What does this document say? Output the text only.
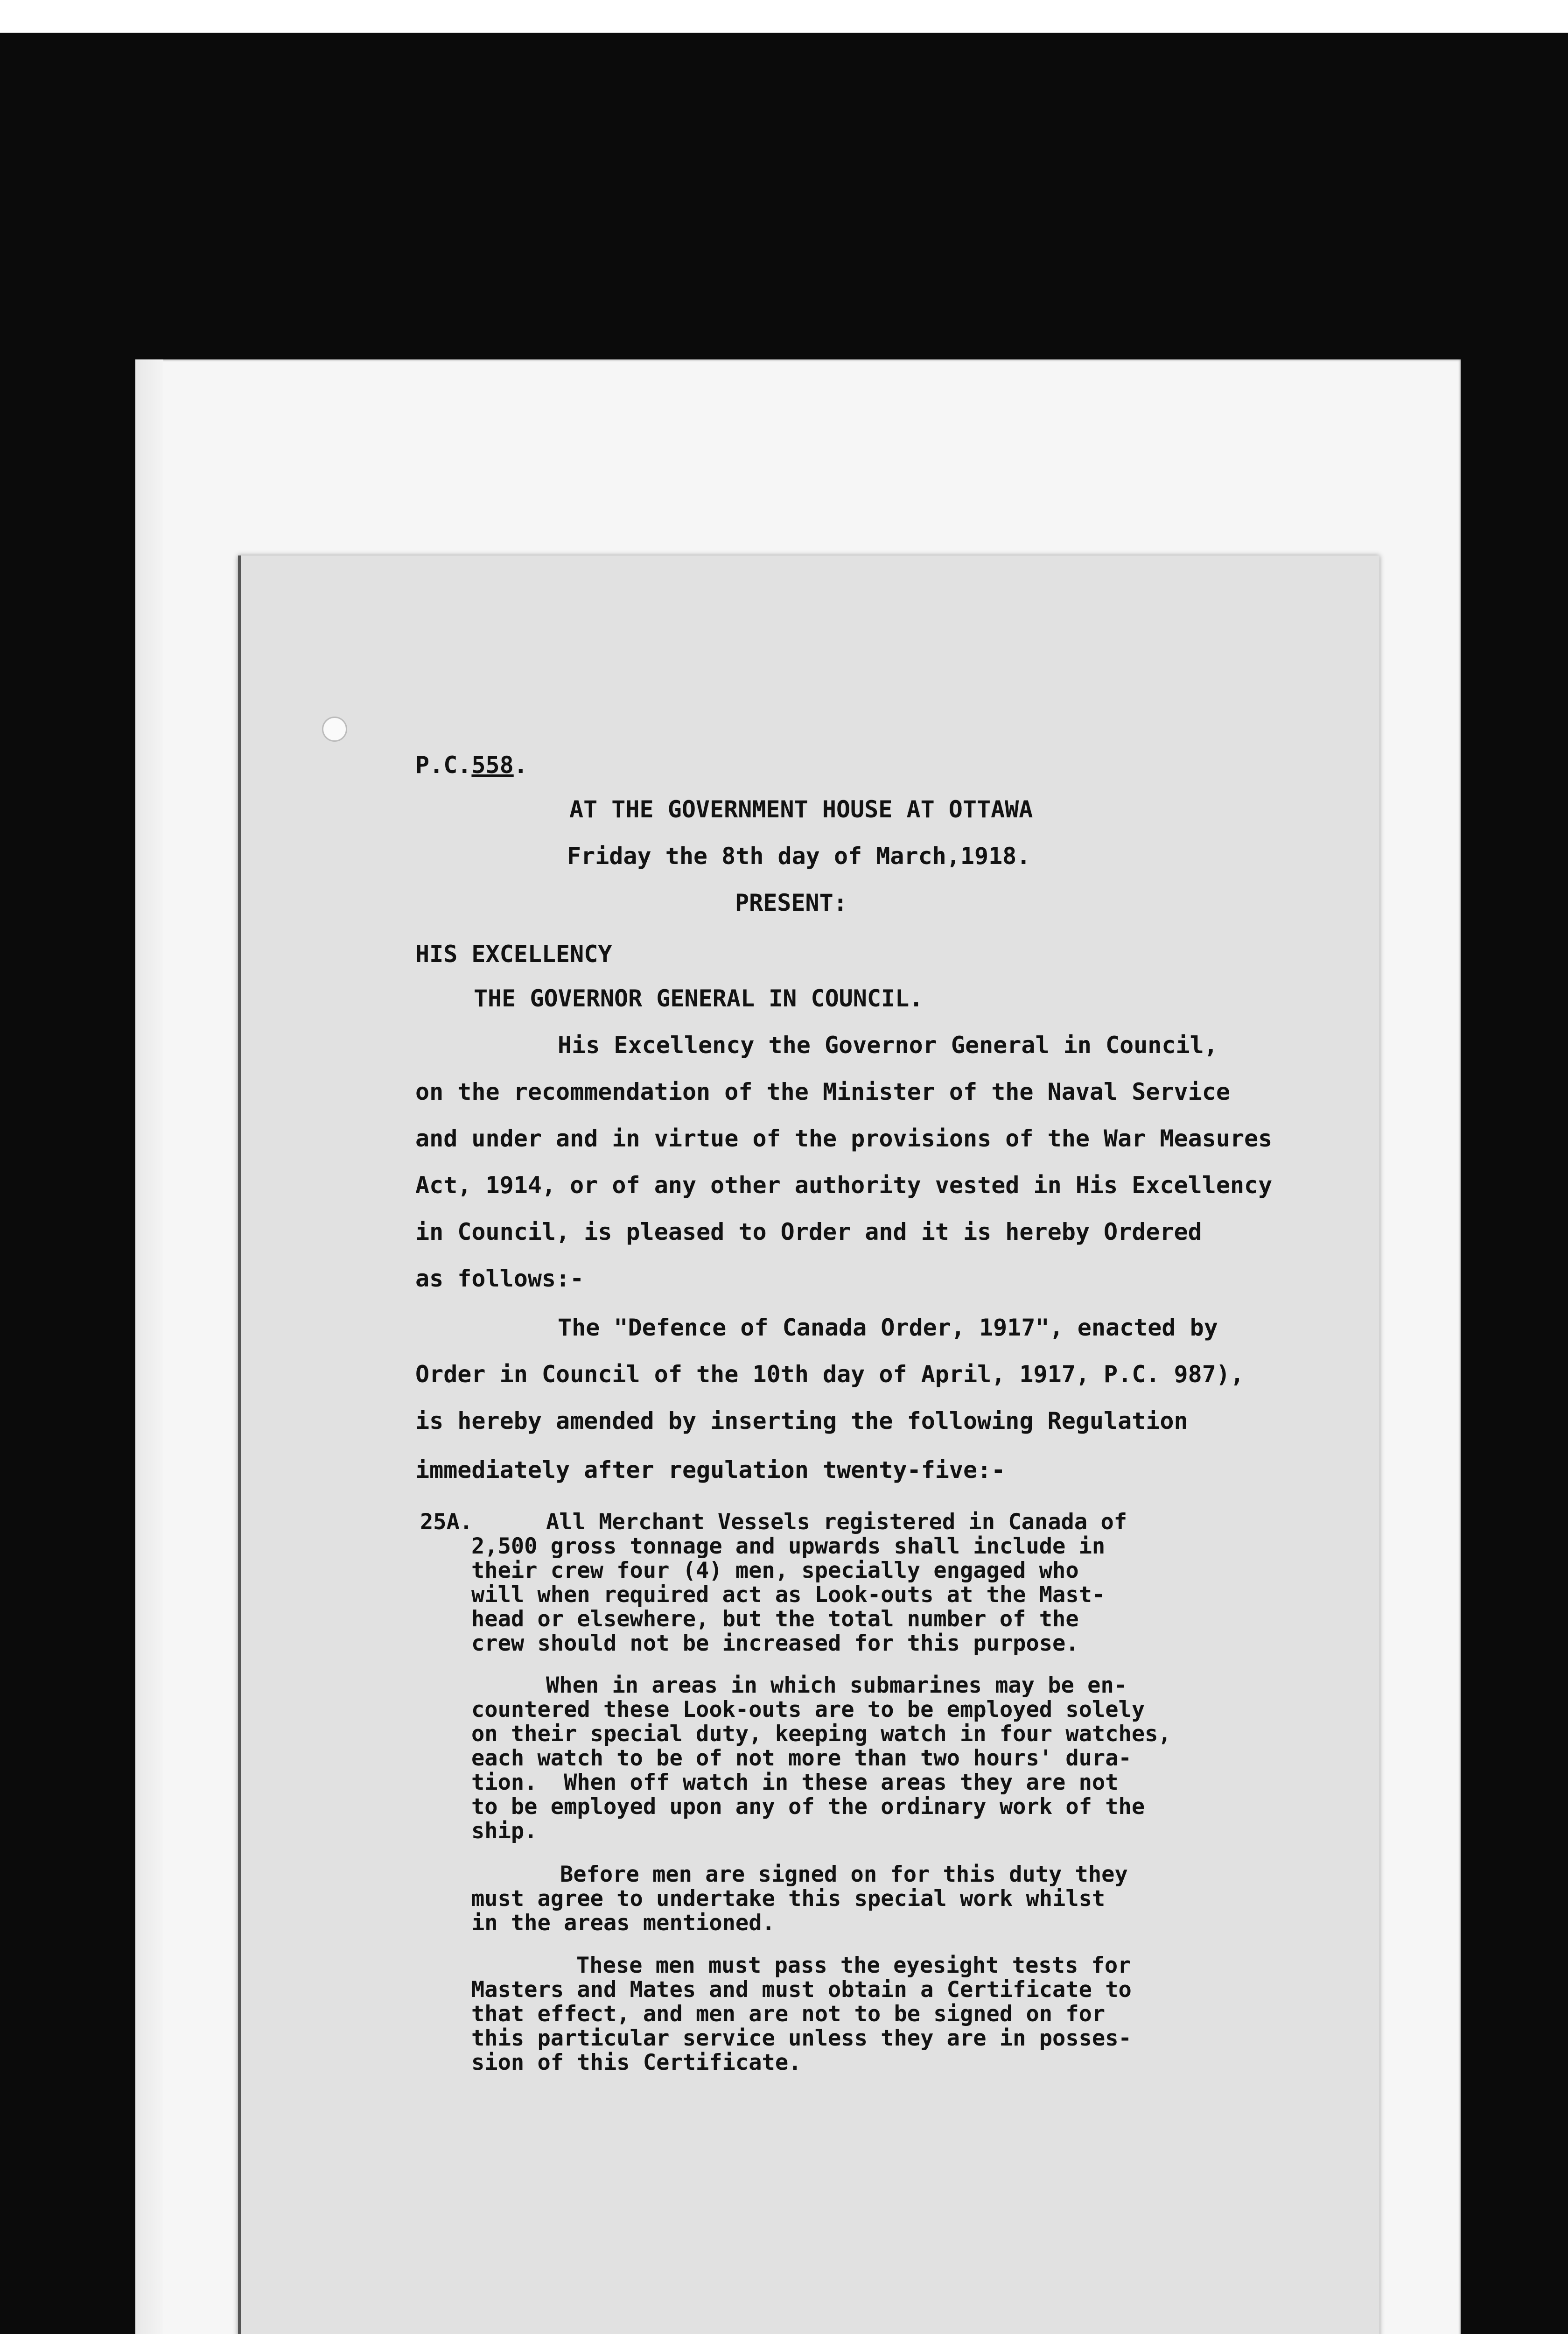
P.C.558.
AT THE GOVERNMENT HOUSE AT OTTAWA
Friday the 8th day of March,1918.
PRESENT:
HIS EXCELLENCY
THE GOVERNOR GENERAL IN COUNCIL.
His Excellency the Governor General in Council,
on the recommendation of the Minister of the Naval Service
and under and in virtue of the provisions of the War Measures
Act, 1914, or of any other authority vested in His Excellency
in Council, is pleased to Order and it is hereby Ordered
as follows:-
The "Defence of Canada Order, 1917", enacted by
Order in Council of the 10th day of April, 1917, P.C. 987),
is hereby amended by inserting the following Regulation
immediately after regulation twenty-five:-
25A.	All Merchant Vessels registered in Canada of
2,500 gross tonnage and upwards shall include in
their crew four (4) men, specially engaged who
will when required act as Look-outs at the Mast-
head or elsewhere, but the total number of the
crew should not be increased for this purpose.
When in areas in which submarines may be en-
countered these Look-outs are to be employed solely
on their special duty, keeping watch in four watches,
each watch to be of not more than two hours' dura-
tion.  When off watch in these areas they are not
to be employed upon any of the ordinary work of the
ship.
Before men are signed on for this duty they
must agree to undertake this special work whilst
in the areas mentioned.
These men must pass the eyesight tests for
Masters and Mates and must obtain a Certificate to
that effect, and men are not to be signed on for
this particular service unless they are in posses-
sion of this Certificate.
